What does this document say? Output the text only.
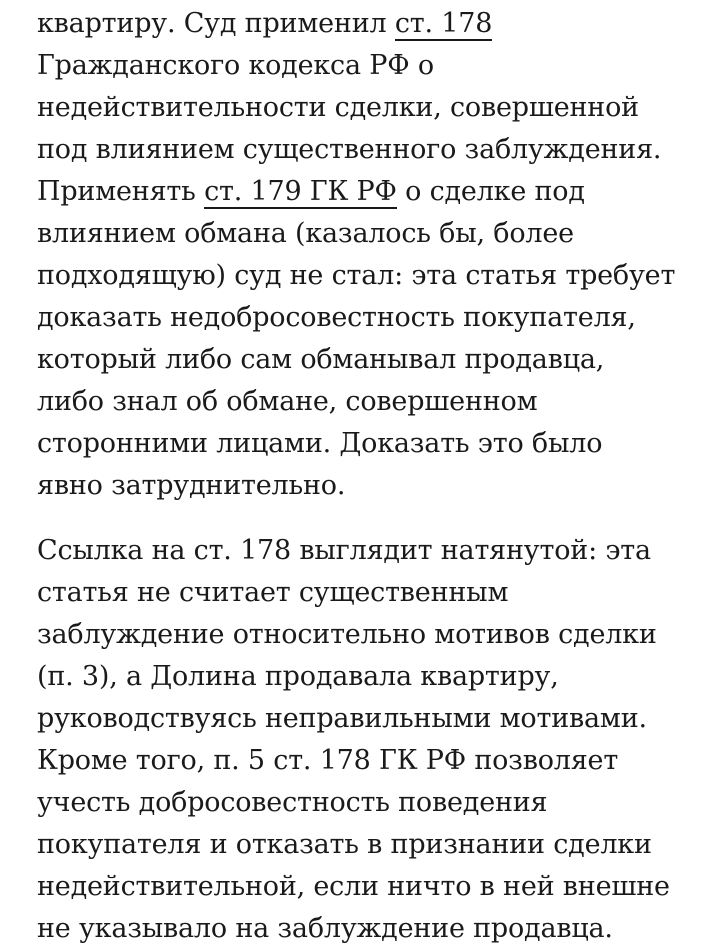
квартиру. Суд применил ст. 178
Гражданского кодекса РФ о
недействительности сделки, совершенной
под влиянием существенного заблуждения.
Применять ст. 179 ГК РФ о сделке под
влиянием обмана (казалось бы, более
подходящую) суд не стал: эта статья требует
доказать недобросовестность покупателя,
который либо сам обманывал продавца,
либо знал об обмане, совершенном
сторонними лицами. Доказать это было
явно затруднительно.

Ссылка на ст. 178 выглядит натянутой: эта
статья не считает существенным
заблуждение относительно мотивов сделки
(п. 3), а Долина продавала квартиру,
руководствуясь неправильными мотивами.
Кроме того, п. 5 ст. 178 ГК РФ позволяет
учесть добросовестность поведения
покупателя и отказать в признании сделки
недействительной, если ничто в ней внешне
не указывало на заблуждение продавца.
